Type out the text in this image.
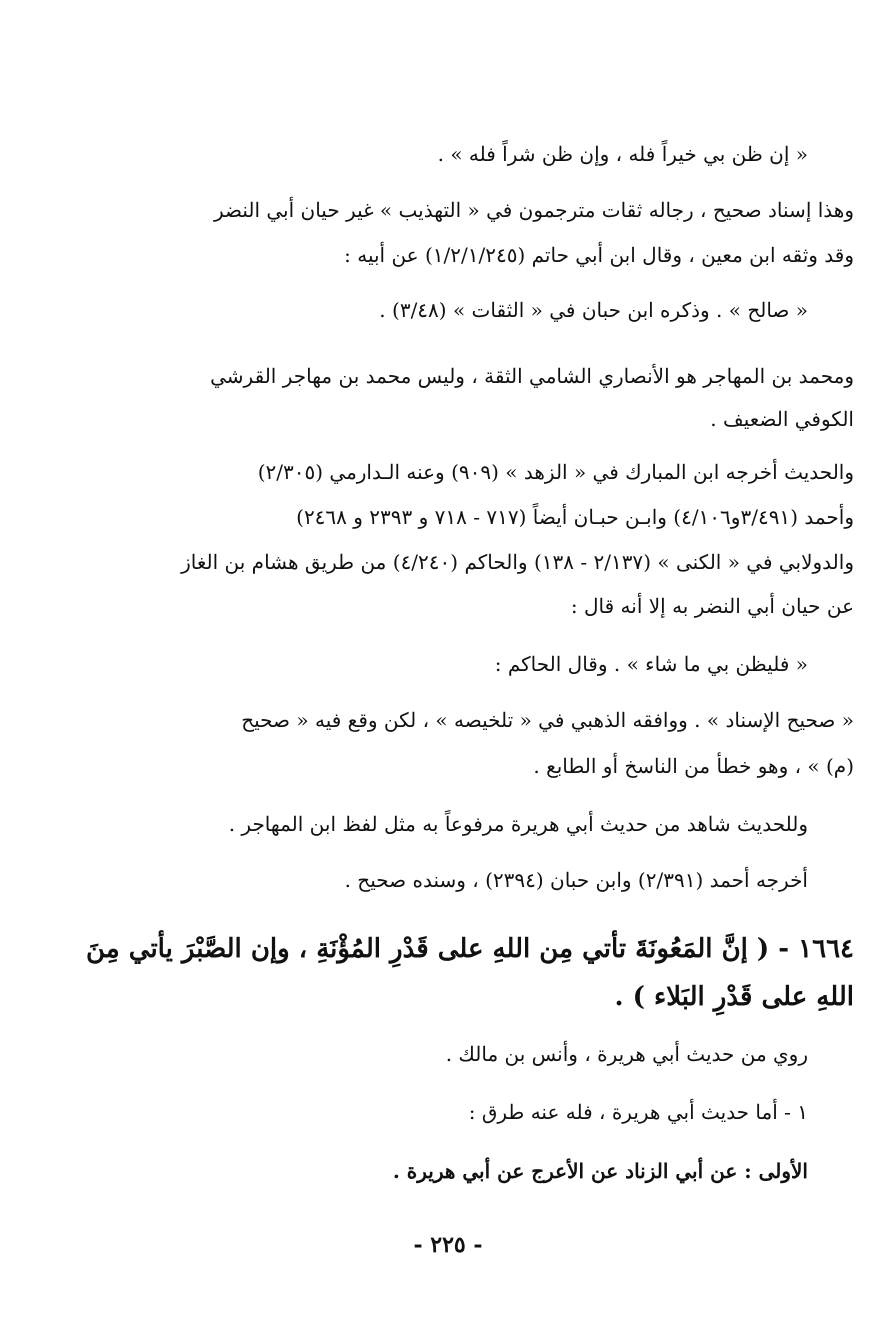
« إن ظن بي خيراً فله ، وإن ظن شراً فله » .
وهذا إسناد صحيح ، رجاله ثقات مترجمون في « التهذيب » غير حيان أبي النضر
وقد وثقه ابن معين ، وقال ابن أبي حاتم (١/٢/١/٢٤٥) عن أبيه :
« صالح » . وذكره ابن حبان في « الثقات » (٣/٤٨) .
ومحمد بن المهاجر هو الأنصاري الشامي الثقة ، وليس محمد بن مهاجر القرشي
الكوفي الضعيف .
والحديث أخرجه ابن المبارك في « الزهد » (٩٠٩) وعنه الـدارمي (٢/٣٠٥)
وأحمد (٣/٤٩١و٤/١٠٦) وابـن حبـان أيضاً (٧١٧ - ٧١٨ و ٢٣٩٣ و ٢٤٦٨)
والدولابي في « الكنى » (٢/١٣٧ - ١٣٨) والحاكم (٤/٢٤٠) من طريق هشام بن الغاز
عن حيان أبي النضر به إلا أنه قال :
« فليظن بي ما شاء » . وقال الحاكم :
« صحيح الإسناد » . ووافقه الذهبي في « تلخيصه » ، لكن وقع فيه « صحيح
(م) » ، وهو خطأ من الناسخ أو الطابع .
وللحديث شاهد من حديث أبي هريرة مرفوعاً به مثل لفظ ابن المهاجر .
أخرجه أحمد (٢/٣٩١) وابن حبان (٢٣٩٤) ، وسنده صحيح .
١٦٦٤ - ( إنَّ المَعُونَةَ تأتي مِن اللهِ على قَدْرِ المُؤْنَةِ ، وإن الصَّبْرَ يأتي مِنَ
اللهِ على قَدْرِ البَلاء ) .
روي من حديث أبي هريرة ، وأنس بن مالك .
١ - أما حديث أبي هريرة ، فله عنه طرق :
الأولى : عن أبي الزناد عن الأعرج عن أبي هريرة .
- ٢٢٥ -
